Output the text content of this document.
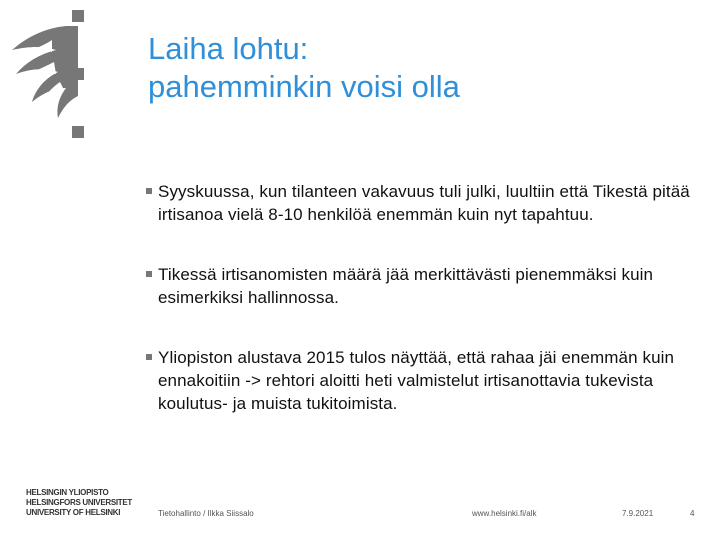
Laiha lohtu:
pahemminkin voisi olla
Syyskuussa, kun tilanteen vakavuus tuli julki, luultiin että Tikestä pitää irtisanoa vielä 8-10 henkilöä enemmän kuin nyt tapahtuu.
Tikessä irtisanomisten määrä jää merkittävästi pienemmäksi kuin esimerkiksi hallinnossa.
Yliopiston alustava 2015 tulos näyttää, että rahaa jäi enemmän kuin ennakoitiin -> rehtori aloitti heti valmistelut irtisanottavia tukevista koulutus- ja muista tukitoimista.
HELSINGIN YLIOPISTO
HELSINGFORS UNIVERSITET
UNIVERSITY OF HELSINKI	Tietohallinto / Ilkka Siissalo	www.helsinki.fi/alk	7.9.2021	4
